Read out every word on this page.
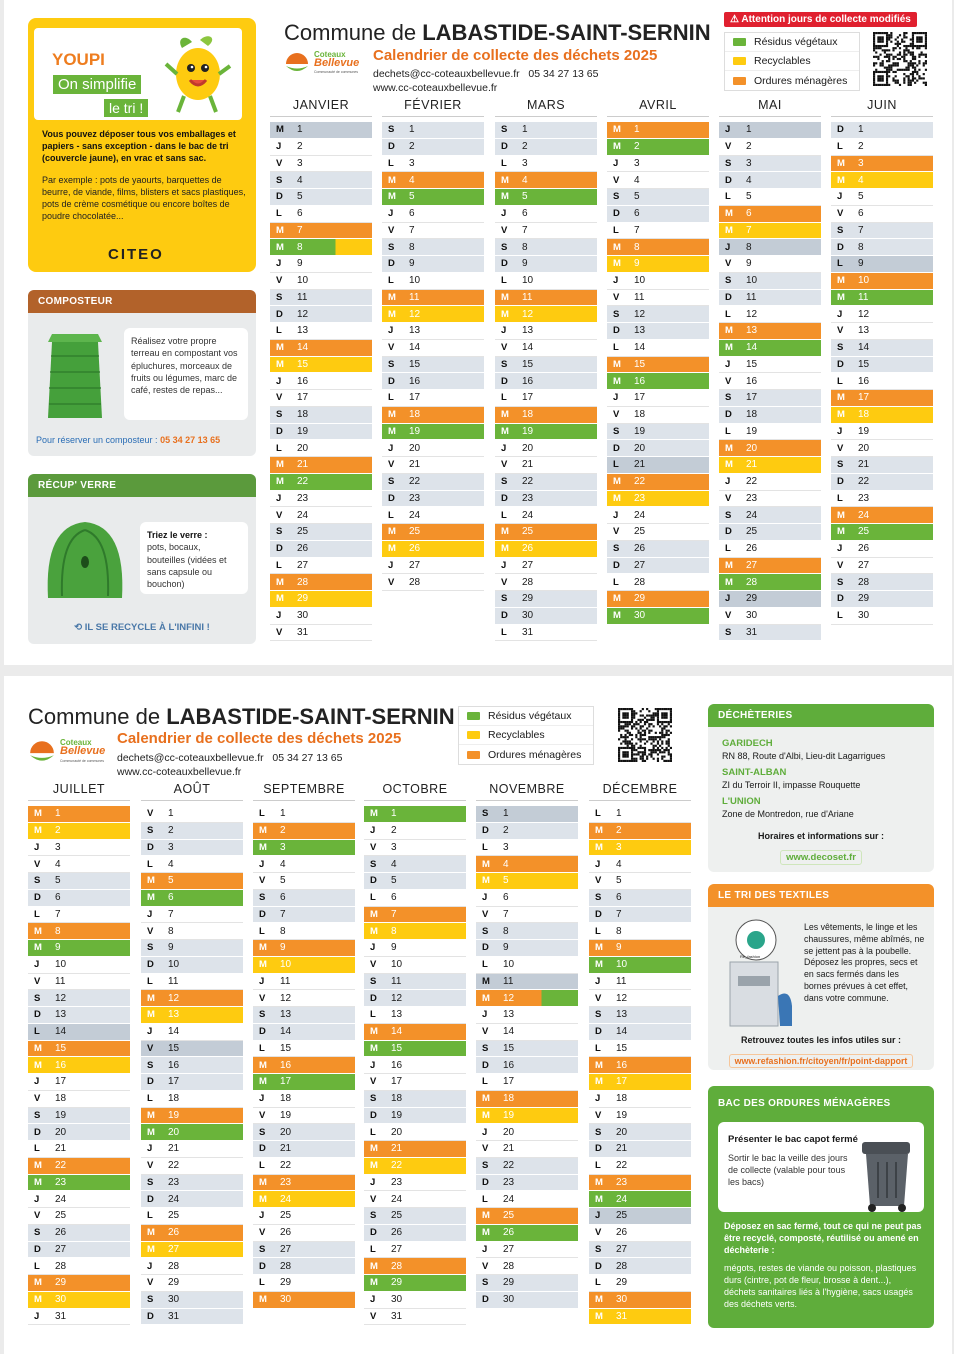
YOUPI
On simplifie
le tri !
Vous pouvez déposer tous vos emballages et papiers - sans exception - dans le bac de tri (couvercle jaune), en vrac et sans sac.
Par exemple : pots de yaourts, barquettes de beurre, de viande, films, blisters et sacs plastiques, pots de crème cosmétique ou encore boîtes de poudre chocolatée...
CITEO
COMPOSTEUR
Réalisez votre propre terreau en compostant vos épluchures, morceaux de fruits ou légumes, marc de café, restes de repas...
Pour réserver un composteur : 05 34 27 13 65
RÉCUP' VERRE
Triez le verre :
pots, bocaux, bouteilles (vidées et sans capsule ou bouchon)
⟲ IL SE RECYCLE À L'INFINI !
Commune de LABASTIDE-SAINT-SERNIN
Coteaux
Bellevue
Communauté de communes
Calendrier de collecte des déchets 2025
dechets@cc-coteauxbellevue.fr   05 34 27 13 65
www.cc-coteauxbellevue.fr
⚠ Attention jours de collecte modifiés
Résidus végétaux
Recyclables
Ordures ménagères
JANVIER
M	1
J	2
V	3
S	4
D	5
L	6
M	7
M	8
J	9
V	10
S	11
D	12
L	13
M	14
M	15
J	16
V	17
S	18
D	19
L	20
M	21
M	22
J	23
V	24
S	25
D	26
L	27
M	28
M	29
J	30
V	31
FÉVRIER
S	1
D	2
L	3
M	4
M	5
J	6
V	7
S	8
D	9
L	10
M	11
M	12
J	13
V	14
S	15
D	16
L	17
M	18
M	19
J	20
V	21
S	22
D	23
L	24
M	25
M	26
J	27
V	28
MARS
S	1
D	2
L	3
M	4
M	5
J	6
V	7
S	8
D	9
L	10
M	11
M	12
J	13
V	14
S	15
D	16
L	17
M	18
M	19
J	20
V	21
S	22
D	23
L	24
M	25
M	26
J	27
V	28
S	29
D	30
L	31
AVRIL
M	1
M	2
J	3
V	4
S	5
D	6
L	7
M	8
M	9
J	10
V	11
S	12
D	13
L	14
M	15
M	16
J	17
V	18
S	19
D	20
L	21
M	22
M	23
J	24
V	25
S	26
D	27
L	28
M	29
M	30
MAI
J	1
V	2
S	3
D	4
L	5
M	6
M	7
J	8
V	9
S	10
D	11
L	12
M	13
M	14
J	15
V	16
S	17
D	18
L	19
M	20
M	21
J	22
V	23
S	24
D	25
L	26
M	27
M	28
J	29
V	30
S	31
JUIN
D	1
L	2
M	3
M	4
J	5
V	6
S	7
D	8
L	9
M	10
M	11
J	12
V	13
S	14
D	15
L	16
M	17
M	18
J	19
V	20
S	21
D	22
L	23
M	24
M	25
J	26
V	27
S	28
D	29
L	30
Commune de LABASTIDE-SAINT-SERNIN
Coteaux
Bellevue
Communauté de communes
Calendrier de collecte des déchets 2025
dechets@cc-coteauxbellevue.fr   05 34 27 13 65
www.cc-coteauxbellevue.fr
Résidus végétaux
Recyclables
Ordures ménagères
JUILLET
M	1
M	2
J	3
V	4
S	5
D	6
L	7
M	8
M	9
J	10
V	11
S	12
D	13
L	14
M	15
M	16
J	17
V	18
S	19
D	20
L	21
M	22
M	23
J	24
V	25
S	26
D	27
L	28
M	29
M	30
J	31
AOÛT
V	1
S	2
D	3
L	4
M	5
M	6
J	7
V	8
S	9
D	10
L	11
M	12
M	13
J	14
V	15
S	16
D	17
L	18
M	19
M	20
J	21
V	22
S	23
D	24
L	25
M	26
M	27
J	28
V	29
S	30
D	31
SEPTEMBRE
L	1
M	2
M	3
J	4
V	5
S	6
D	7
L	8
M	9
M	10
J	11
V	12
S	13
D	14
L	15
M	16
M	17
J	18
V	19
S	20
D	21
L	22
M	23
M	24
J	25
V	26
S	27
D	28
L	29
M	30
OCTOBRE
M	1
J	2
V	3
S	4
D	5
L	6
M	7
M	8
J	9
V	10
S	11
D	12
L	13
M	14
M	15
J	16
V	17
S	18
D	19
L	20
M	21
M	22
J	23
V	24
S	25
D	26
L	27
M	28
M	29
J	30
V	31
NOVEMBRE
S	1
D	2
L	3
M	4
M	5
J	6
V	7
S	8
D	9
L	10
M	11
M	12
J	13
V	14
S	15
D	16
L	17
M	18
M	19
J	20
V	21
S	22
D	23
L	24
M	25
M	26
J	27
V	28
S	29
D	30
DÉCEMBRE
L	1
M	2
M	3
J	4
V	5
S	6
D	7
L	8
M	9
M	10
J	11
V	12
S	13
D	14
L	15
M	16
M	17
J	18
V	19
S	20
D	21
L	22
M	23
M	24
J	25
V	26
S	27
D	28
L	29
M	30
M	31
DÉCHÈTERIES
GARIDECH
RN 88, Route d'Albi, Lieu-dit Lagarrigues
SAINT-ALBAN
ZI du Terroir II, impasse Rouquette
L'UNION
Zone de Montredon, rue d'Ariane
Horaires et informations sur :
www.decoset.fr
LE TRI DES TEXTILES
Re_fashion
Les vêtements, le linge et les chaussures, même abîmés, ne se jettent pas à la poubelle. Déposez les propres, secs et en sacs fermés dans les bornes prévues à cet effet, dans votre commune.
Retrouvez toutes les infos utiles sur :
www.refashion.fr/citoyen/fr/point-dapport
BAC DES ORDURES MÉNAGÈRES
Présenter le bac capot fermé
Sortir le bac la veille des jours de collecte (valable pour tous les bacs)
Déposez en sac fermé, tout ce qui ne peut pas être recyclé, composté, réutilisé ou amené en déchèterie :
mégots, restes de viande ou poisson, plastiques durs (cintre, pot de fleur, brosse à dent...), déchets sanitaires liés à l'hygiène, sacs usagés des déchets verts.
